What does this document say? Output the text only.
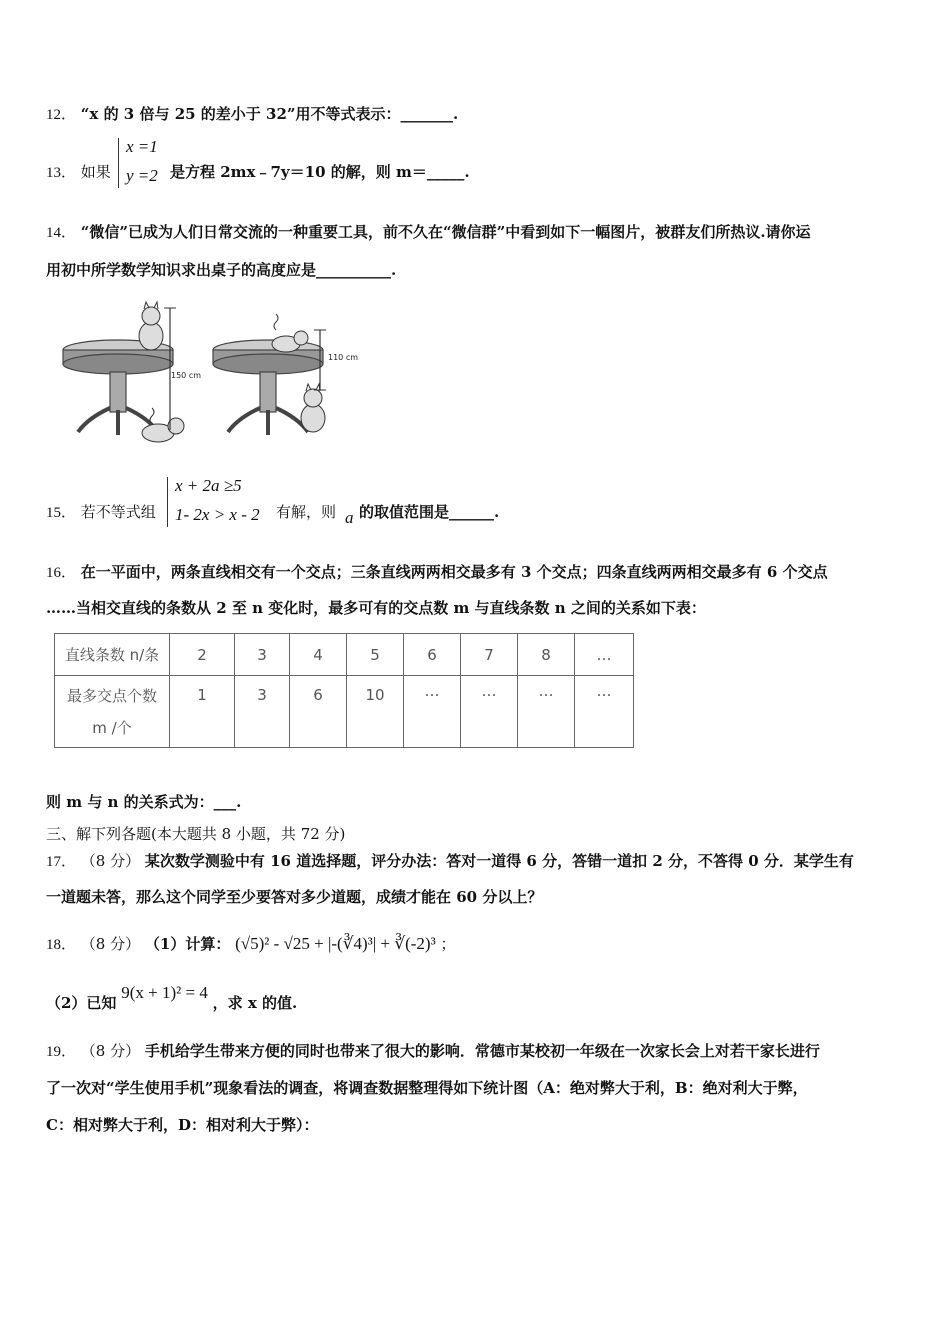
12． “x 的 3 倍与 25 的差小于 32”用不等式表示：_______.
13． 如果
x =1
y =2 是方程 2mx﹣7y＝10 的解，则 m＝_____.
14． “微信”已成为人们日常交流的一种重要工具，前不久在“微信群”中看到如下一幅图片，被群友们所热议.请你运
用初中所学数学知识求出桌子的高度应是__________.
150 cm
110 cm
15． 若不等式组
x + 2a ≥5
1- 2x > x - 2 有解，则 a 的取值范围是______.
16． 在一平面中，两条直线相交有一个交点；三条直线两两相交最多有 3 个交点；四条直线两两相交最多有 6 个交点
……当相交直线的条数从 2 至 n 变化时，最多可有的交点数 m 与直线条数 n 之间的关系如下表：
直线条数 n/条	2	3	4	5	6	7	8	…

最多交点个数
m /个	1	3	6	10	…	…	…	…
则 m 与 n 的关系式为：___.
三、解下列各题(本大题共 8 小题，共 72 分)
17． （8 分） 某次数学测验中有 16 道选择题，评分办法：答对一道得 6 分，答错一道扣 2 分，不答得 0 分．某学生有
一道题未答，那么这个同学至少要答对多少道题，成绩才能在 60 分以上？
18． （8 分） （1）计算： (√5)² - √25 + |-(∛4)³| + ∛(-2)³ ；
（2）已知 9(x + 1)² = 4 ，求 x 的值.
19． （8 分） 手机给学生带来方便的同时也带来了很大的影响．常德市某校初一年级在一次家长会上对若干家长进行
了一次对“学生使用手机”现象看法的调查，将调查数据整理得如下统计图（A：绝对弊大于利，B：绝对利大于弊，
C：相对弊大于利，D：相对利大于弊）：
